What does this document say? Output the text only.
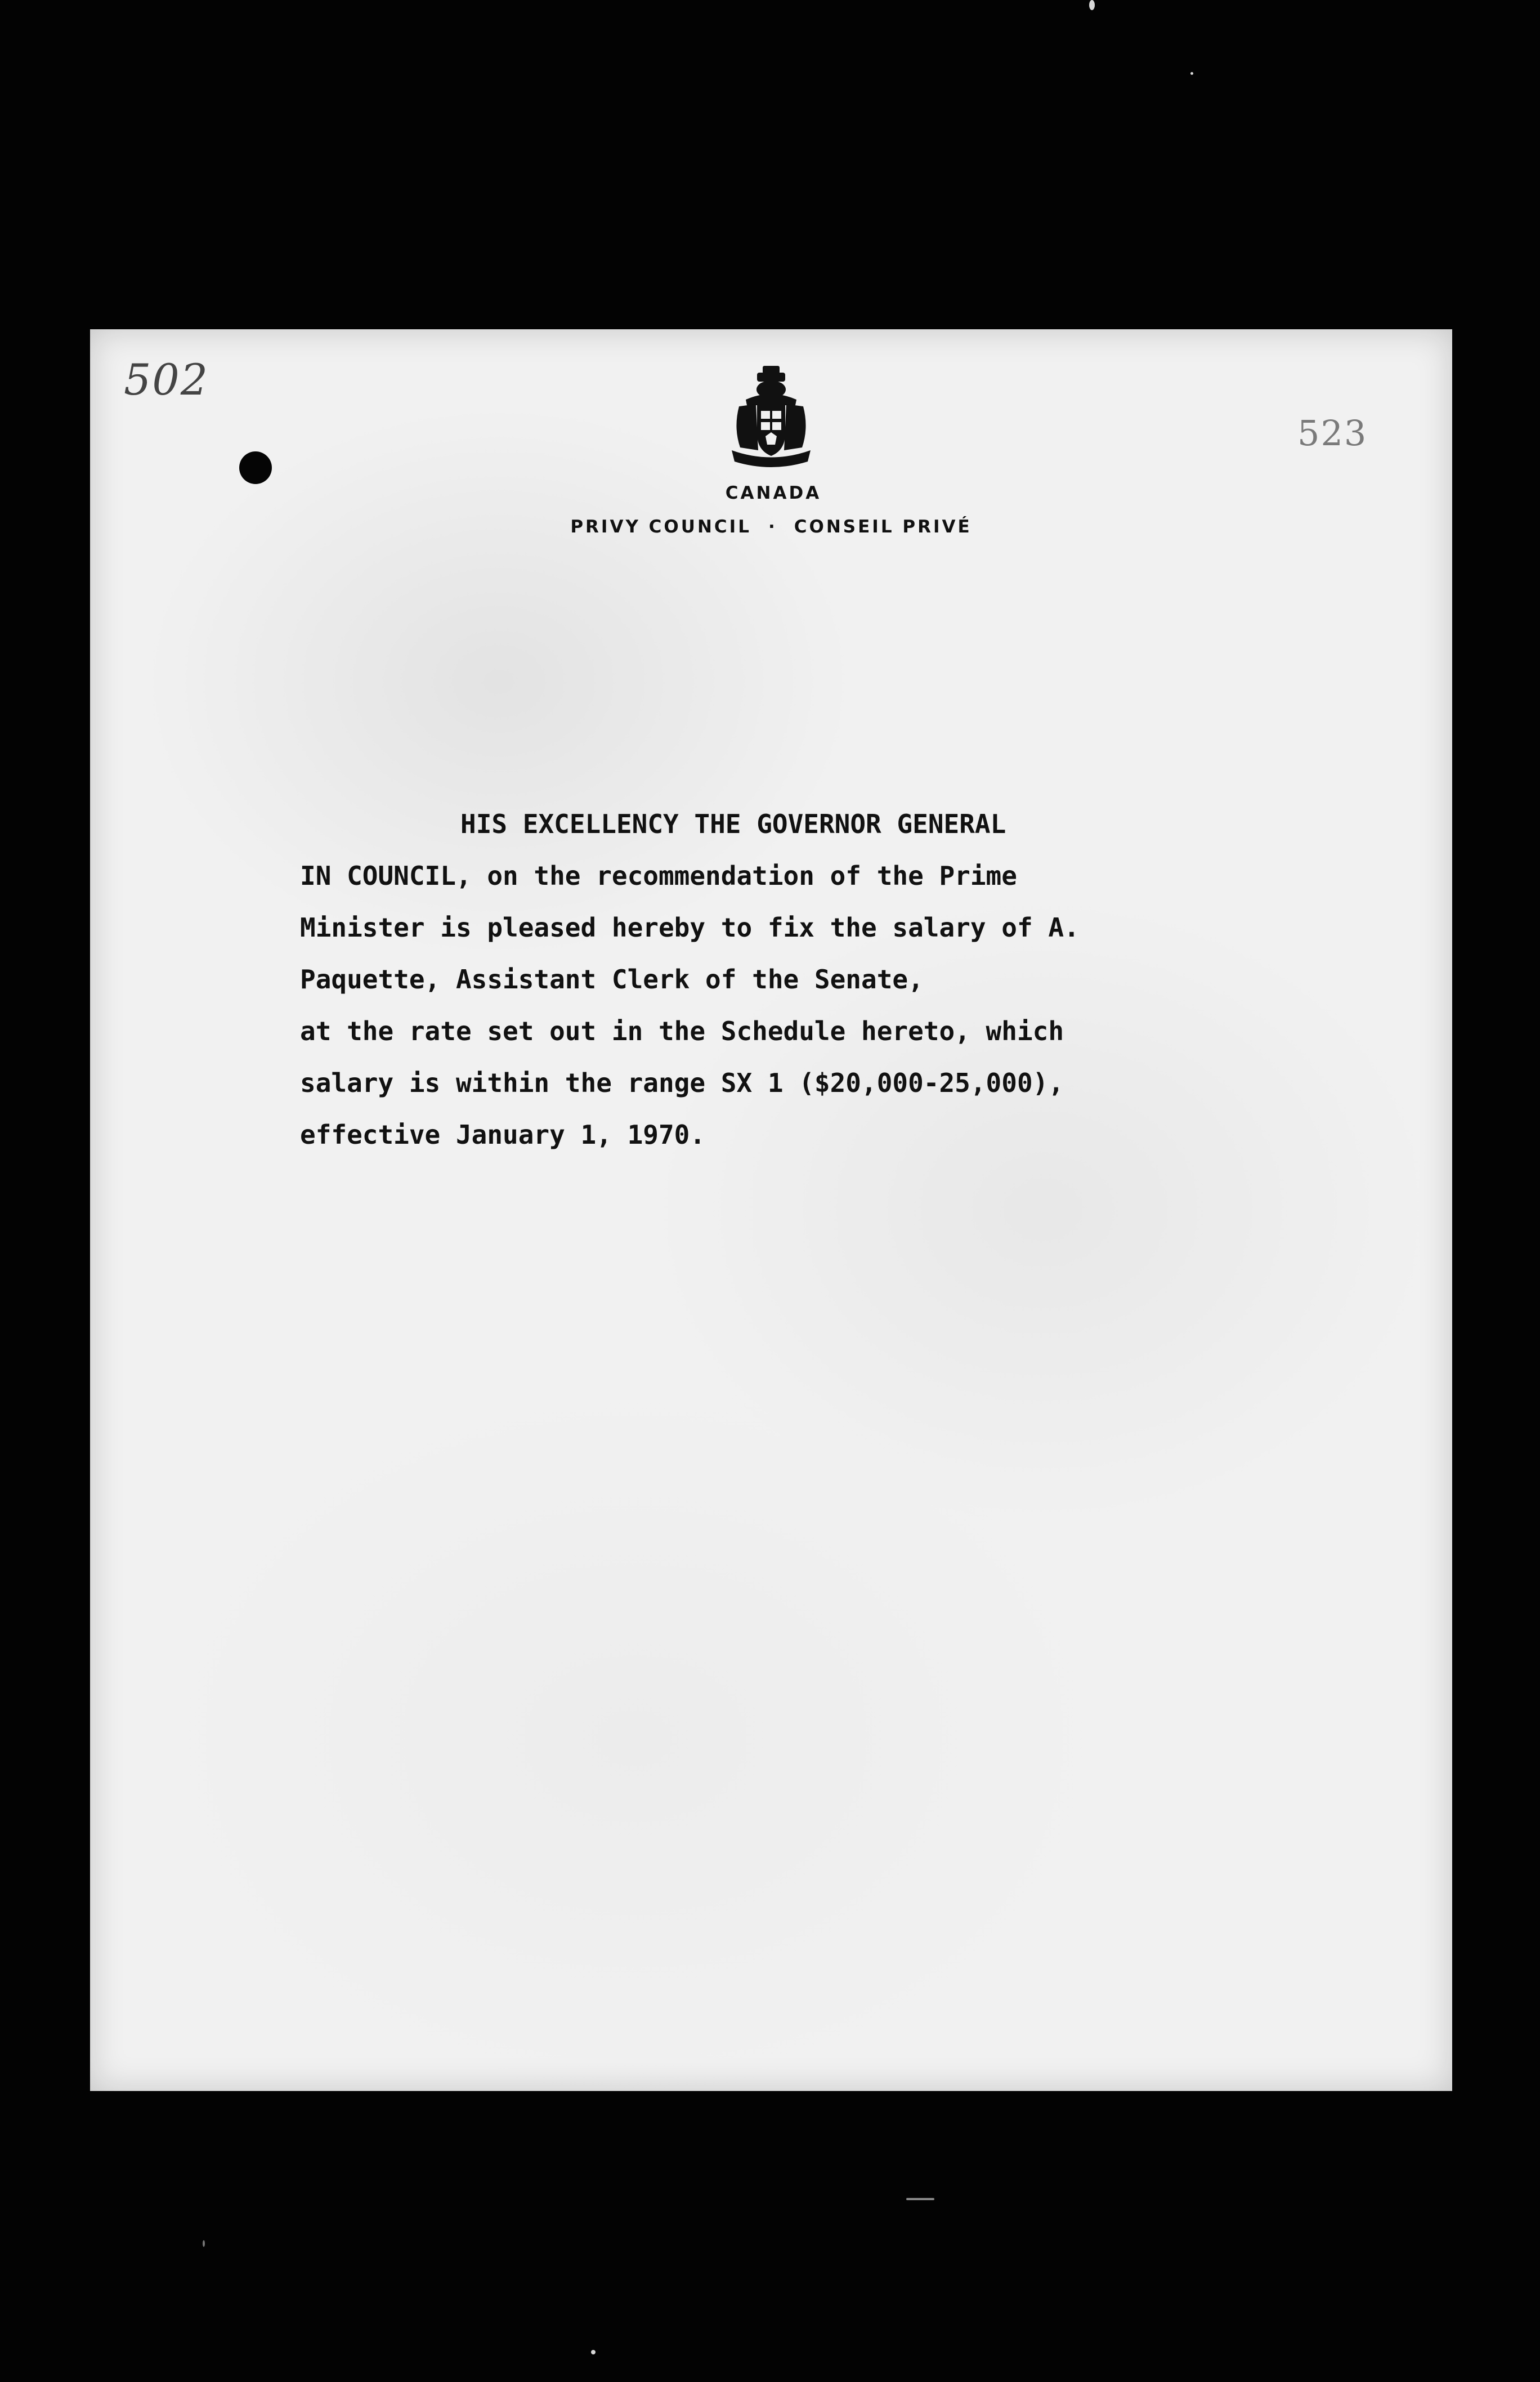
502
523
CANADA
PRIVY COUNCIL · CONSEIL PRIVÉ
HIS EXCELLENCY THE GOVERNOR GENERAL
IN COUNCIL, on the recommendation of the Prime
Minister is pleased hereby to fix the salary of A.
Paquette, Assistant Clerk of the Senate,
at the rate set out in the Schedule hereto, which
salary is within the range SX 1 ($20,000-25,000),
effective January 1, 1970.
